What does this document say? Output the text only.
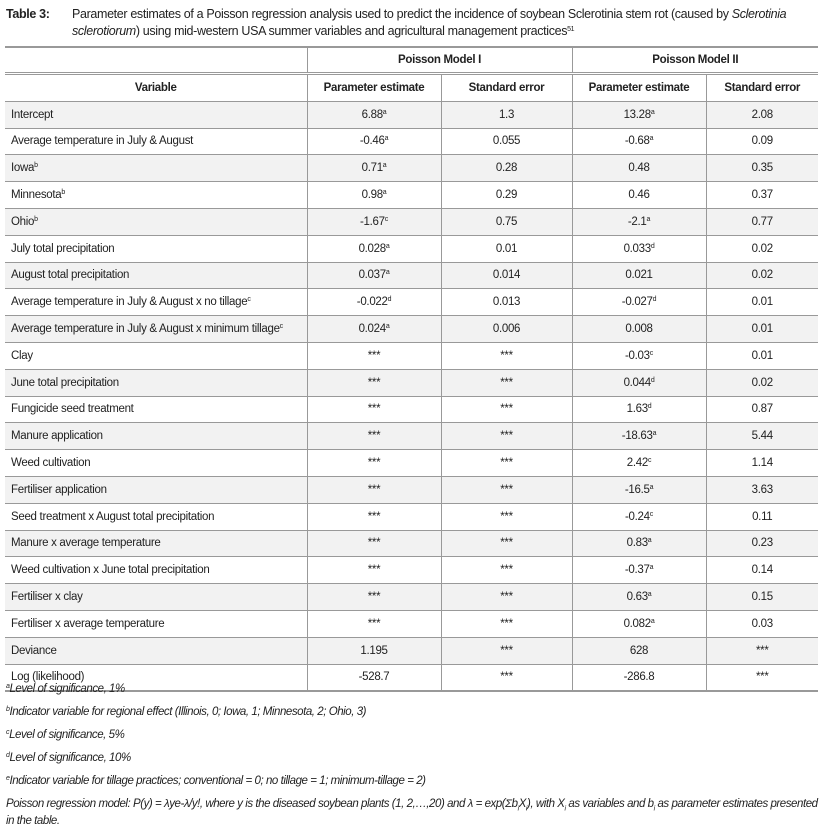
Table 3: Parameter estimates of a Poisson regression analysis used to predict the incidence of soybean Sclerotinia stem rot (caused by Sclerotinia sclerotiorum) using mid-western USA summer variables and agricultural management practices$^{51}$
	Poisson Model I		Poisson Model II	
Variable	Parameter estimate	Standard error	Parameter estimate	Standard error
Intercept	6.88$^a$	1.3	13.28$^a$	2.08
Average temperature in July & August	-0.46$^a$	0.055	-0.68$^a$	0.09
Iowa$^b$	0.71$^a$	0.28	0.48	0.35
Minnesota$^b$	0.98$^a$	0.29	0.46	0.37
Ohio$^b$	-1.67$^c$	0.75	-2.1$^a$	0.77
July total precipitation	0.028$^a$	0.01	0.033$^d$	0.02
August total precipitation	0.037$^a$	0.014	0.021	0.02
Average temperature in July & August x no tillage$^c$	-0.022$^d$	0.013	-0.027$^d$	0.01
Average temperature in July & August x minimum tillage$^c$	0.024$^a$	0.006	0.008	0.01
Clay	***	***	-0.03$^c$	0.01
June total precipitation	***	***	0.044$^d$	0.02
Fungicide seed treatment	***	***	1.63$^d$	0.87
Manure application	***	***	-18.63$^a$	5.44
Weed cultivation	***	***	2.42$^c$	1.14
Fertiliser application	***	***	-16.5$^a$	3.63
Seed treatment x August total precipitation	***	***	-0.24$^c$	0.11
Manure x average temperature	***	***	0.83$^a$	0.23
Weed cultivation x June total precipitation	***	***	-0.37$^a$	0.14
Fertiliser x clay	***	***	0.63$^a$	0.15
Fertiliser x average temperature	***	***	0.082$^a$	0.03
Deviance	1.195	***	628	***
Log (likelihood)	-528.7	***	-286.8	***
$^a$Level of significance, 1%
$^b$Indicator variable for regional effect (Illinois, 0; Iowa, 1; Minnesota, 2; Ohio, 3)
$^c$Level of significance, 5%
$^d$Level of significance, 10%
$^e$Indicator variable for tillage practices; conventional = 0; no tillage = 1; minimum-tillage = 2)
Poisson regression model: P(y) = λye-λ/y!, where y is the diseased soybean plants (1, 2,…,20) and $\lambda = \exp(\Sigma b_iX_i)$, with $X_i$ as variables and $b_i$ as parameter estimates presented in the table.
